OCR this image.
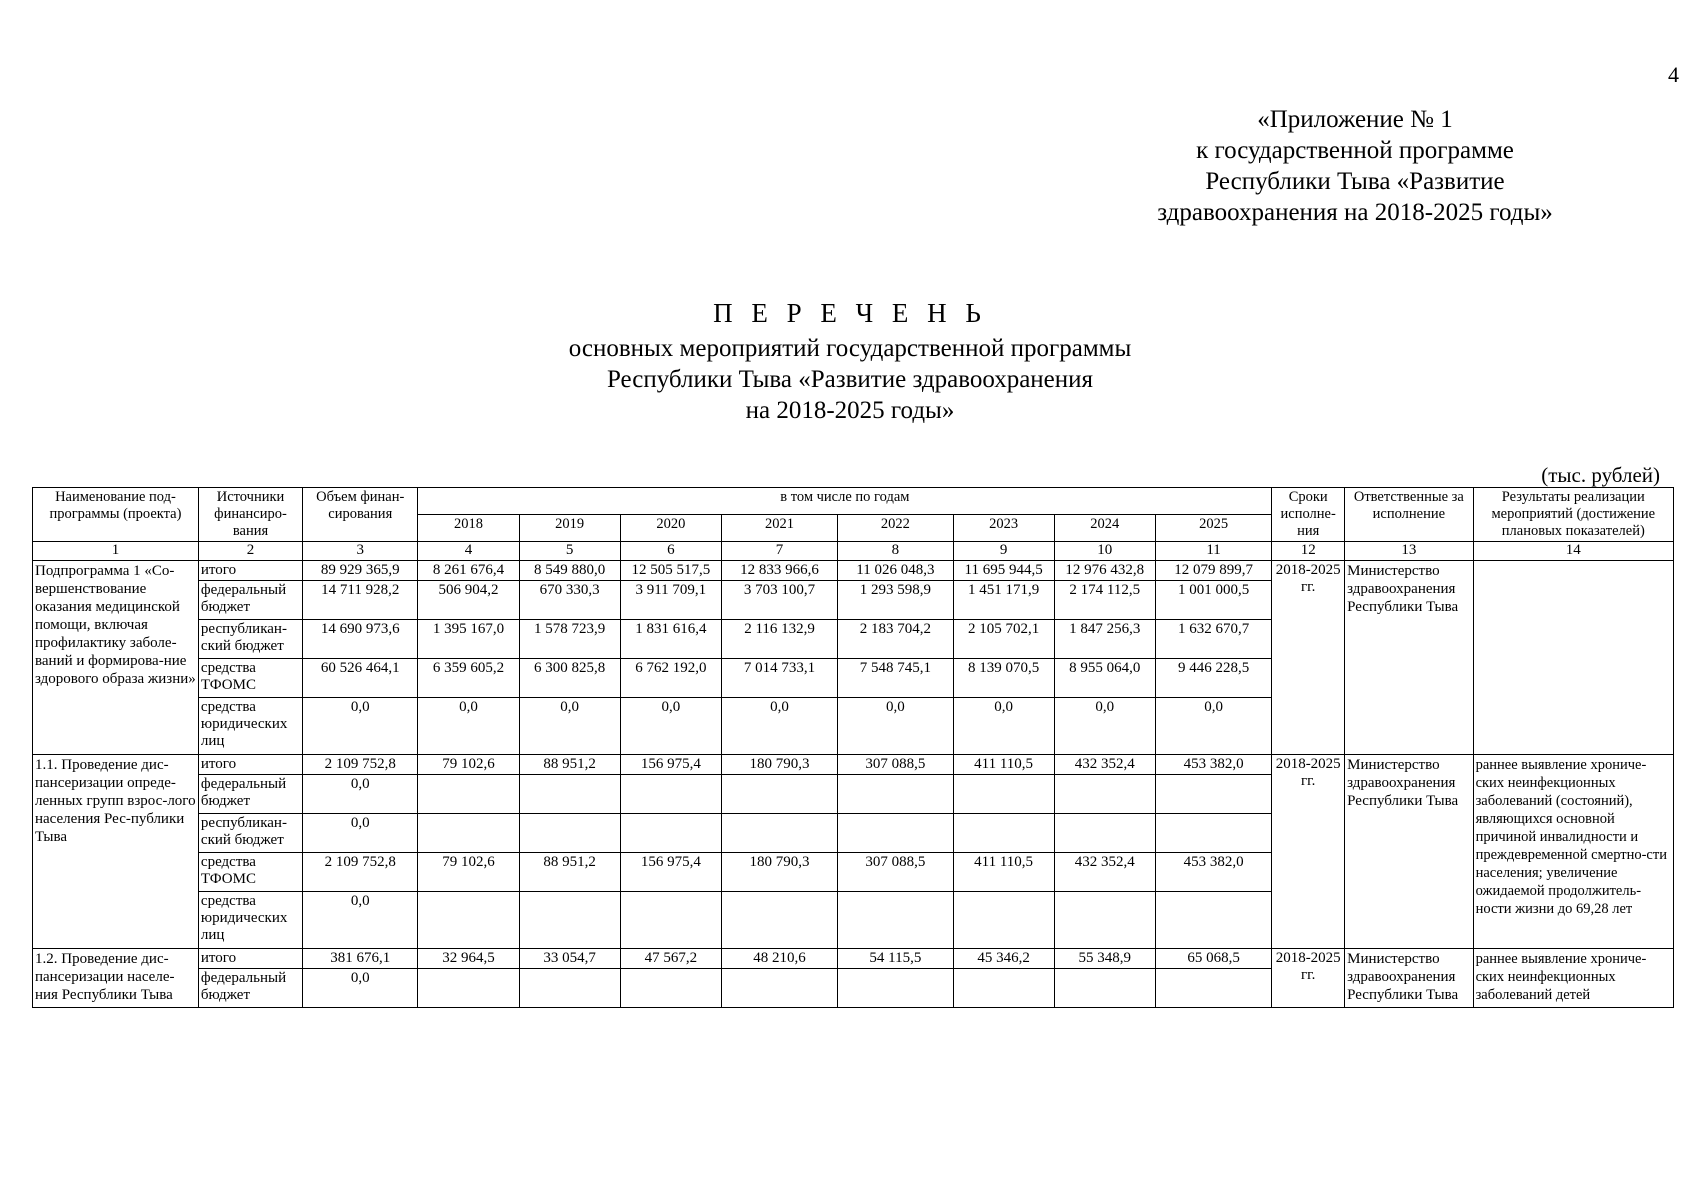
4
«Приложение № 1
к государственной программе
Республики Тыва «Развитие
здравоохранения на 2018-2025 годы»
П Е Р Е Ч Е Н Ь
основных мероприятий государственной программы
Республики Тыва «Развитие здравоохранения
на 2018-2025 годы»
(тыс. рублей)
Наименование под-программы (проекта)	Источники финансиро-вания	Объем финан-сирования	в том числе по годам								Сроки исполне-ния	Ответственные за исполнение	Результаты реализации мероприятий (достижение плановых показателей)
			2018	2019	2020	2021	2022	2023	2024	2025			
1	2	3	4	5	6	7	8	9	10	11	12	13	14
Подпрограмма 1 «Со-вершенствование оказания медицинской помощи, включая профилактику заболе-ваний и формирова-ние здорового образа жизни»	итого	89 929 365,9	8 261 676,4	8 549 880,0	12 505 517,5	12 833 966,6	11 026 048,3	11 695 944,5	12 976 432,8	12 079 899,7	2018-2025 гг.	Министерство здравоохранения Республики Тыва	
	федеральный бюджет	14 711 928,2	506 904,2	670 330,3	3 911 709,1	3 703 100,7	1 293 598,9	1 451 171,9	2 174 112,5	1 001 000,5			
	республикан-ский бюджет	14 690 973,6	1 395 167,0	1 578 723,9	1 831 616,4	2 116 132,9	2 183 704,2	2 105 702,1	1 847 256,3	1 632 670,7			
	средства ТФОМС	60 526 464,1	6 359 605,2	6 300 825,8	6 762 192,0	7 014 733,1	7 548 745,1	8 139 070,5	8 955 064,0	9 446 228,5			
	средства юридических лиц	0,0	0,0	0,0	0,0	0,0	0,0	0,0	0,0	0,0			
1.1. Проведение дис-пансеризации опреде-ленных групп взрос-лого населения Рес-публики Тыва	итого	2 109 752,8	79 102,6	88 951,2	156 975,4	180 790,3	307 088,5	411 110,5	432 352,4	453 382,0	2018-2025 гг.	Министерство здравоохранения Республики Тыва	раннее выявление хрониче-ских неинфекционных заболеваний (состояний), являющихся основной причиной инвалидности и преждевременной смертно-сти населения; увеличение ожидаемой продолжитель-ности жизни до 69,28 лет
	федеральный бюджет	0,0											
	республикан-ский бюджет	0,0											
	средства ТФОМС	2 109 752,8	79 102,6	88 951,2	156 975,4	180 790,3	307 088,5	411 110,5	432 352,4	453 382,0			
	средства юридических лиц	0,0											
1.2. Проведение дис-пансеризации населе-ния Республики Тыва	итого	381 676,1	32 964,5	33 054,7	47 567,2	48 210,6	54 115,5	45 346,2	55 348,9	65 068,5	2018-2025 гг.	Министерство здравоохранения Республики Тыва	раннее выявление хрониче-ских неинфекционных заболеваний детей
	федеральный бюджет	0,0											
